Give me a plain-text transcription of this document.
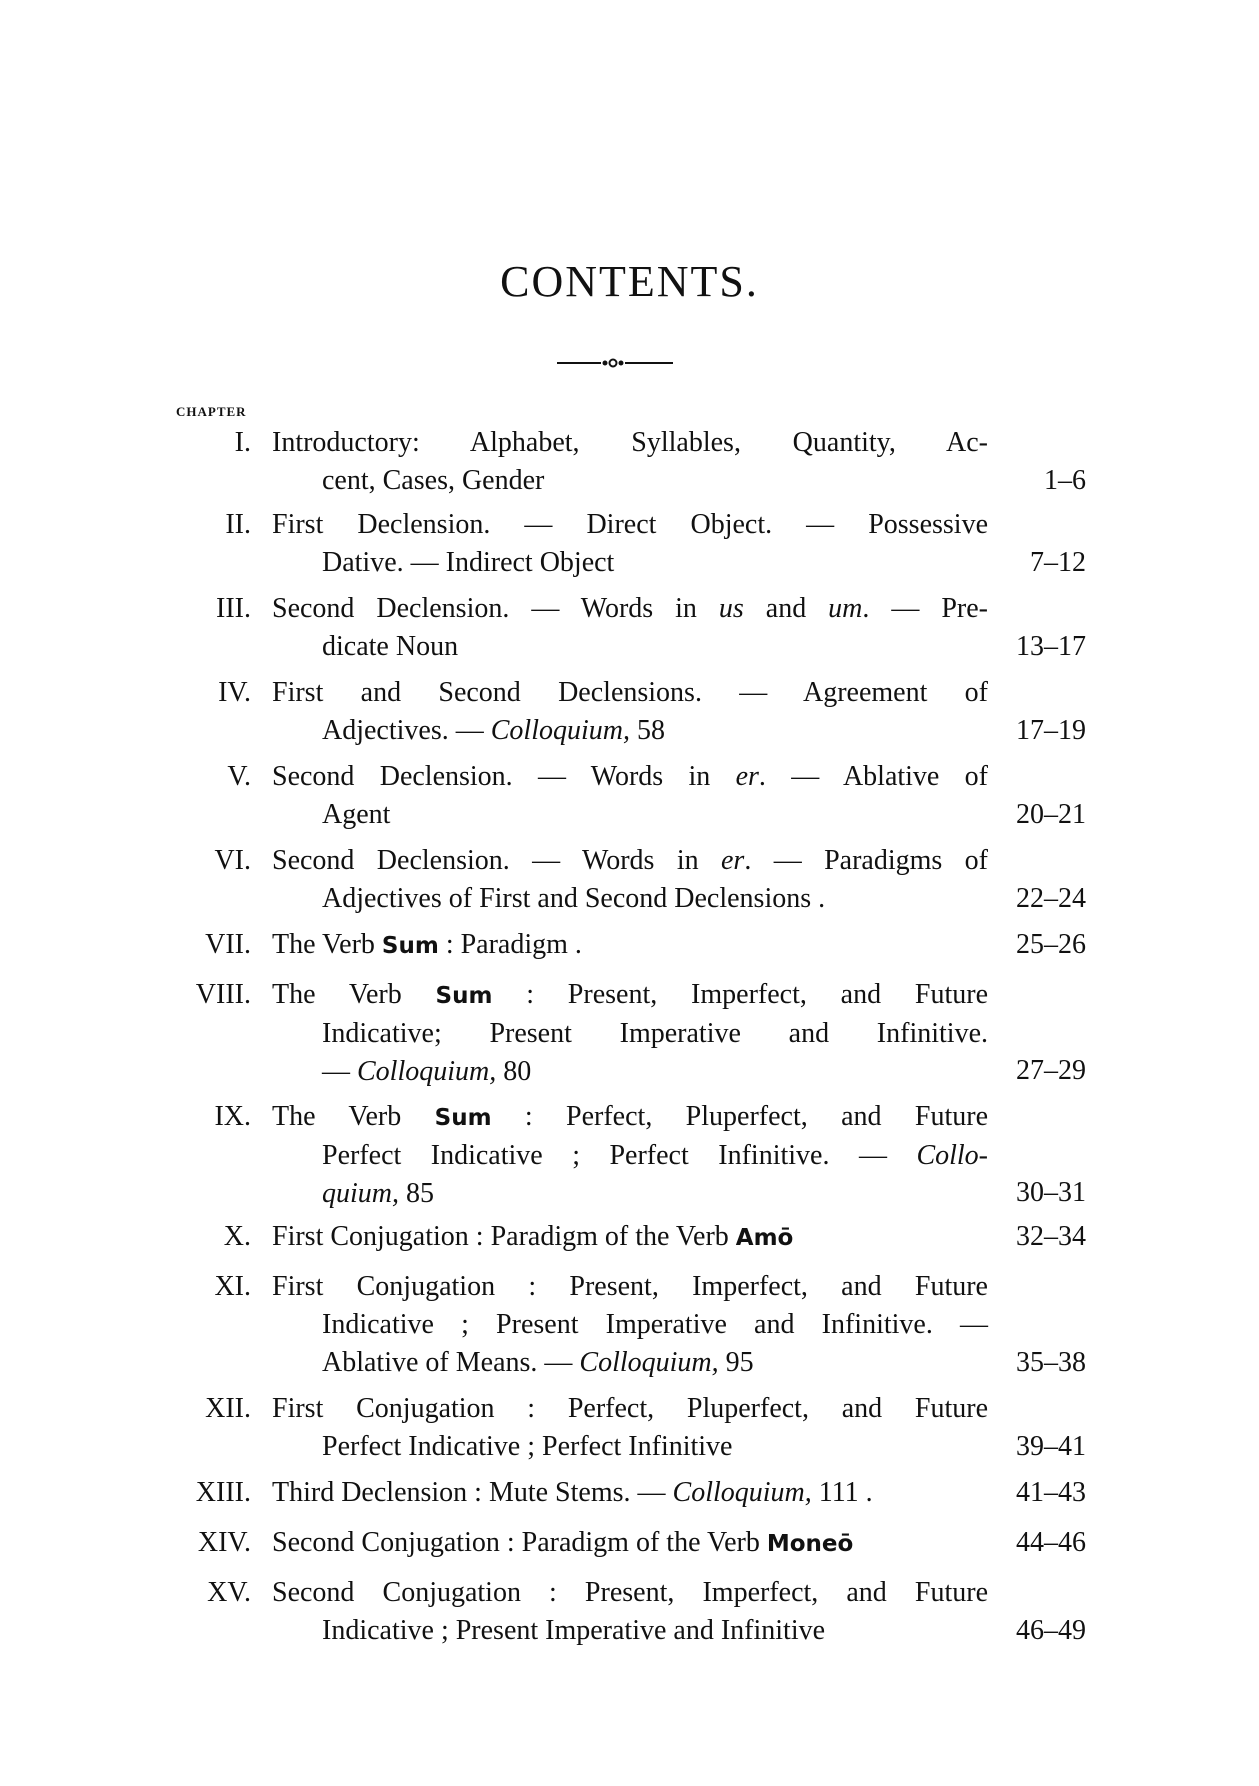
CONTENTS.
CHAPTER
I. Introductory: Alphabet, Syllables, Quantity, Ac-
cent, Cases, Gender	1–6
II. First Declension. — Direct Object. — Possessive
Dative. — Indirect Object	7–12
III. Second Declension. — Words in us and um. — Pre-
dicate Noun	13–17
IV. First and Second Declensions. — Agreement of
Adjectives. — Colloquium, 58	17–19
V. Second Declension. — Words in er. — Ablative of
Agent	20–21
VI. Second Declension. — Words in er. — Paradigms of
Adjectives of First and Second Declensions .	22–24
VII. The Verb Sum : Paradigm .	25–26
VIII. The Verb Sum : Present, Imperfect, and Future
Indicative; Present Imperative and Infinitive.
— Colloquium, 80	27–29
IX. The Verb Sum : Perfect, Pluperfect, and Future
Perfect Indicative ; Perfect Infinitive. — Collo-
quium, 85	30–31
X. First Conjugation : Paradigm of the Verb Amō	32–34
XI. First Conjugation : Present, Imperfect, and Future
Indicative ; Present Imperative and Infinitive. —
Ablative of Means. — Colloquium, 95	35–38
XII. First Conjugation : Perfect, Pluperfect, and Future
Perfect Indicative ; Perfect Infinitive	39–41
XIII. Third Declension : Mute Stems. — Colloquium, 111 .	41–43
XIV. Second Conjugation : Paradigm of the Verb Moneō	44–46
XV. Second Conjugation : Present, Imperfect, and Future
Indicative ; Present Imperative and Infinitive	46–49
